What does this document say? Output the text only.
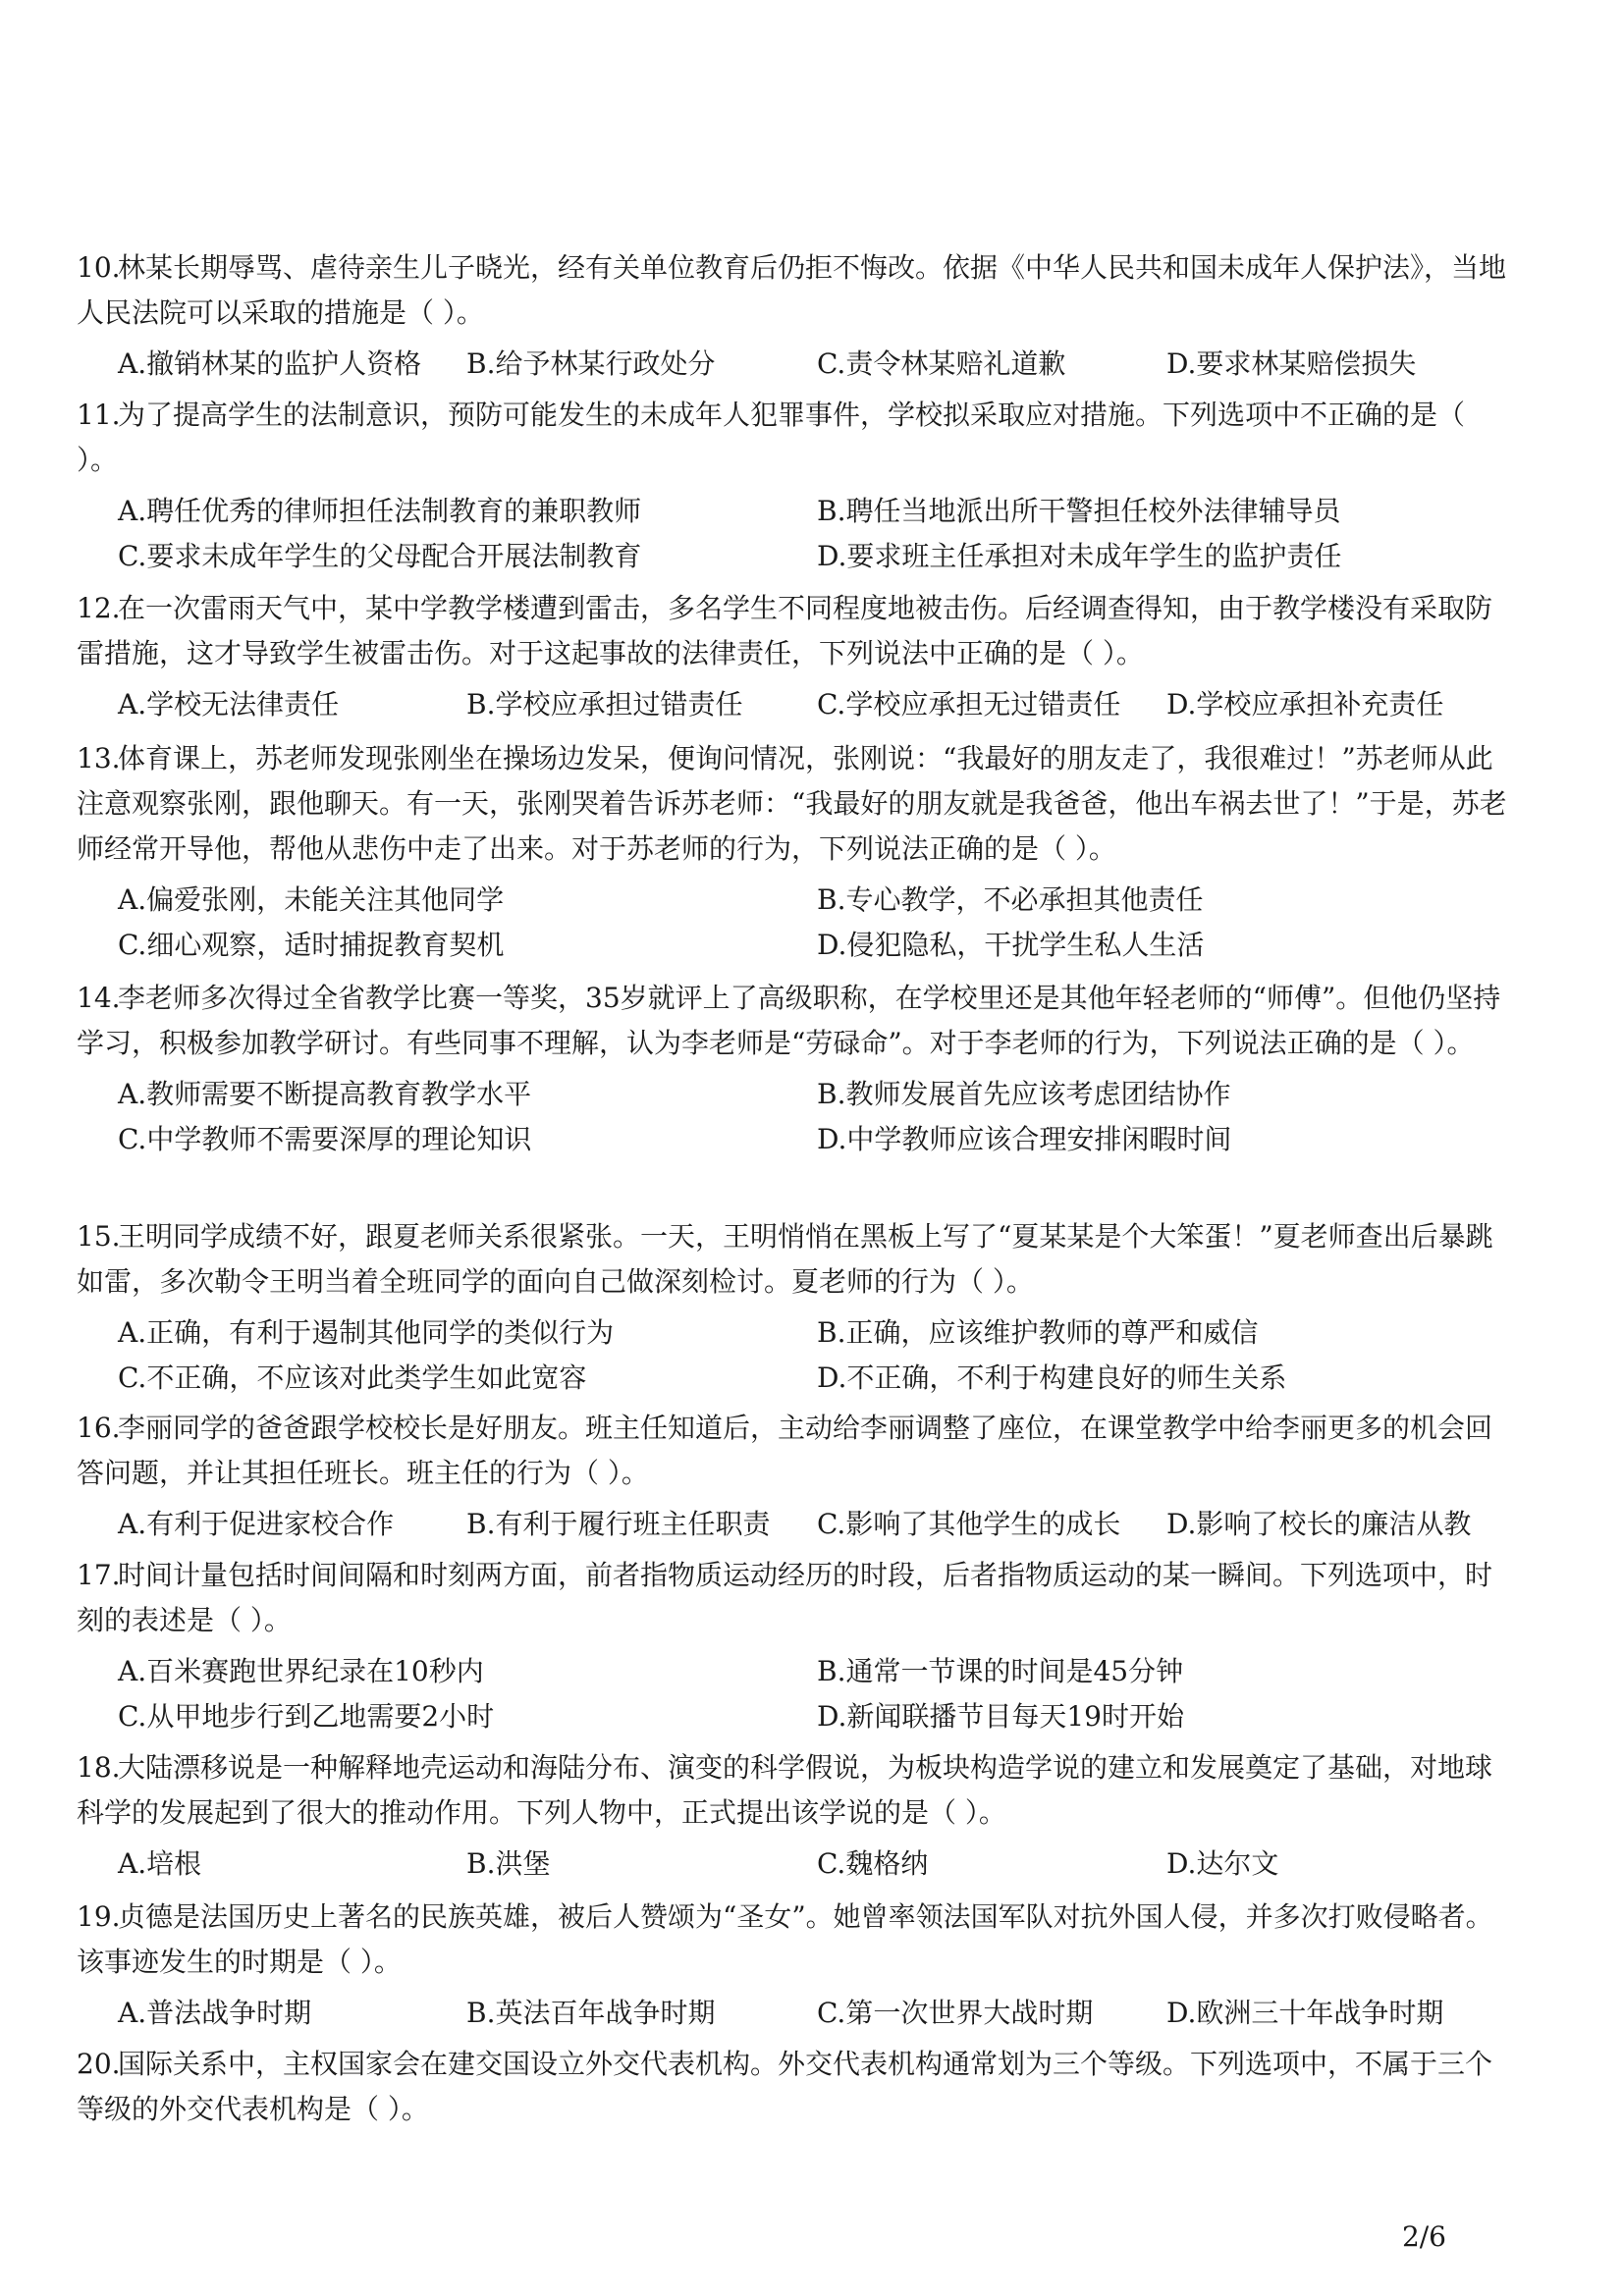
10.林某长期辱骂、虐待亲生儿子晓光，经有关单位教育后仍拒不悔改。依据《中华人民共和国未成年人保护法》，当地人民法院可以采取的措施是（ ）。

A.撤销林某的监护人资格 B.给予林某行政处分	C.责令林某赔礼道歉	D.要求林某赔偿损失

11.为了提高学生的法制意识，预防可能发生的未成年人犯罪事件，学校拟采取应对措施。下列选项中不正确的是（ ）。

A.聘任优秀的律师担任法制教育的兼职教师	B.聘任当地派出所干警担任校外法律辅导员
C.要求未成年学生的父母配合开展法制教育	D.要求班主任承担对未成年学生的监护责任

12.在一次雷雨天气中，某中学教学楼遭到雷击，多名学生不同程度地被击伤。后经调查得知，由于教学楼没有采取防雷措施，这才导致学生被雷击伤。对于这起事故的法律责任，下列说法中正确的是（ ）。

A.学校无法律责任	B.学校应承担过错责任	C.学校应承担无过错责任 D.学校应承担补充责任

13.体育课上，苏老师发现张刚坐在操场边发呆，便询问情况，张刚说：“我最好的朋友走了，我很难过！”苏老师从此注意观察张刚，跟他聊天。有一天，张刚哭着告诉苏老师：“我最好的朋友就是我爸爸，他出车祸去世了！”于是，苏老师经常开导他，帮他从悲伤中走了出来。对于苏老师的行为，下列说法正确的是（ ）。

A.偏爱张刚，未能关注其他同学	B.专心教学，不必承担其他责任
C.细心观察，适时捕捉教育契机	D.侵犯隐私，干扰学生私人生活

14.李老师多次得过全省教学比赛一等奖，35岁就评上了高级职称，在学校里还是其他年轻老师的“师傅”。但他仍坚持学习，积极参加教学研讨。有些同事不理解，认为李老师是“劳碌命”。对于李老师的行为，下列说法正确的是（ ）。

A.教师需要不断提高教育教学水平	B.教师发展首先应该考虑团结协作
C.中学教师不需要深厚的理论知识	D.中学教师应该合理安排闲暇时间

15.王明同学成绩不好，跟夏老师关系很紧张。一天，王明悄悄在黑板上写了“夏某某是个大笨蛋！”夏老师查出后暴跳如雷，多次勒令王明当着全班同学的面向自己做深刻检讨。夏老师的行为（ ）。

A.正确，有利于遏制其他同学的类似行为	B.正确，应该维护教师的尊严和威信
C.不正确，不应该对此类学生如此宽容	D.不正确，不利于构建良好的师生关系

16.李丽同学的爸爸跟学校校长是好朋友。班主任知道后，主动给李丽调整了座位，在课堂教学中给李丽更多的机会回答问题，并让其担任班长。班主任的行为（ ）。

A.有利于促进家校合作	B.有利于履行班主任职责 C.影响了其他学生的成长 D.影响了校长的廉洁从教

17.时间计量包括时间间隔和时刻两方面，前者指物质运动经历的时段，后者指物质运动的某一瞬间。下列选项中，时刻的表述是（ ）。

A.百米赛跑世界纪录在10秒内	B.通常一节课的时间是45分钟
C.从甲地步行到乙地需要2小时	D.新闻联播节目每天19时开始

18.大陆漂移说是一种解释地壳运动和海陆分布、演变的科学假说，为板块构造学说的建立和发展奠定了基础，对地球科学的发展起到了很大的推动作用。下列人物中，正式提出该学说的是（ ）。

A.培根	B.洪堡	C.魏格纳	D.达尔文

19.贞德是法国历史上著名的民族英雄，被后人赞颂为“圣女”。她曾率领法国军队对抗外国人侵，并多次打败侵略者。该事迹发生的时期是（ ）。

A.普法战争时期	B.英法百年战争时期	C.第一次世界大战时期	D.欧洲三十年战争时期

20.国际关系中，主权国家会在建交国设立外交代表机构。外交代表机构通常划为三个等级。下列选项中，不属于三个等级的外交代表机构是（ ）。

2/6
